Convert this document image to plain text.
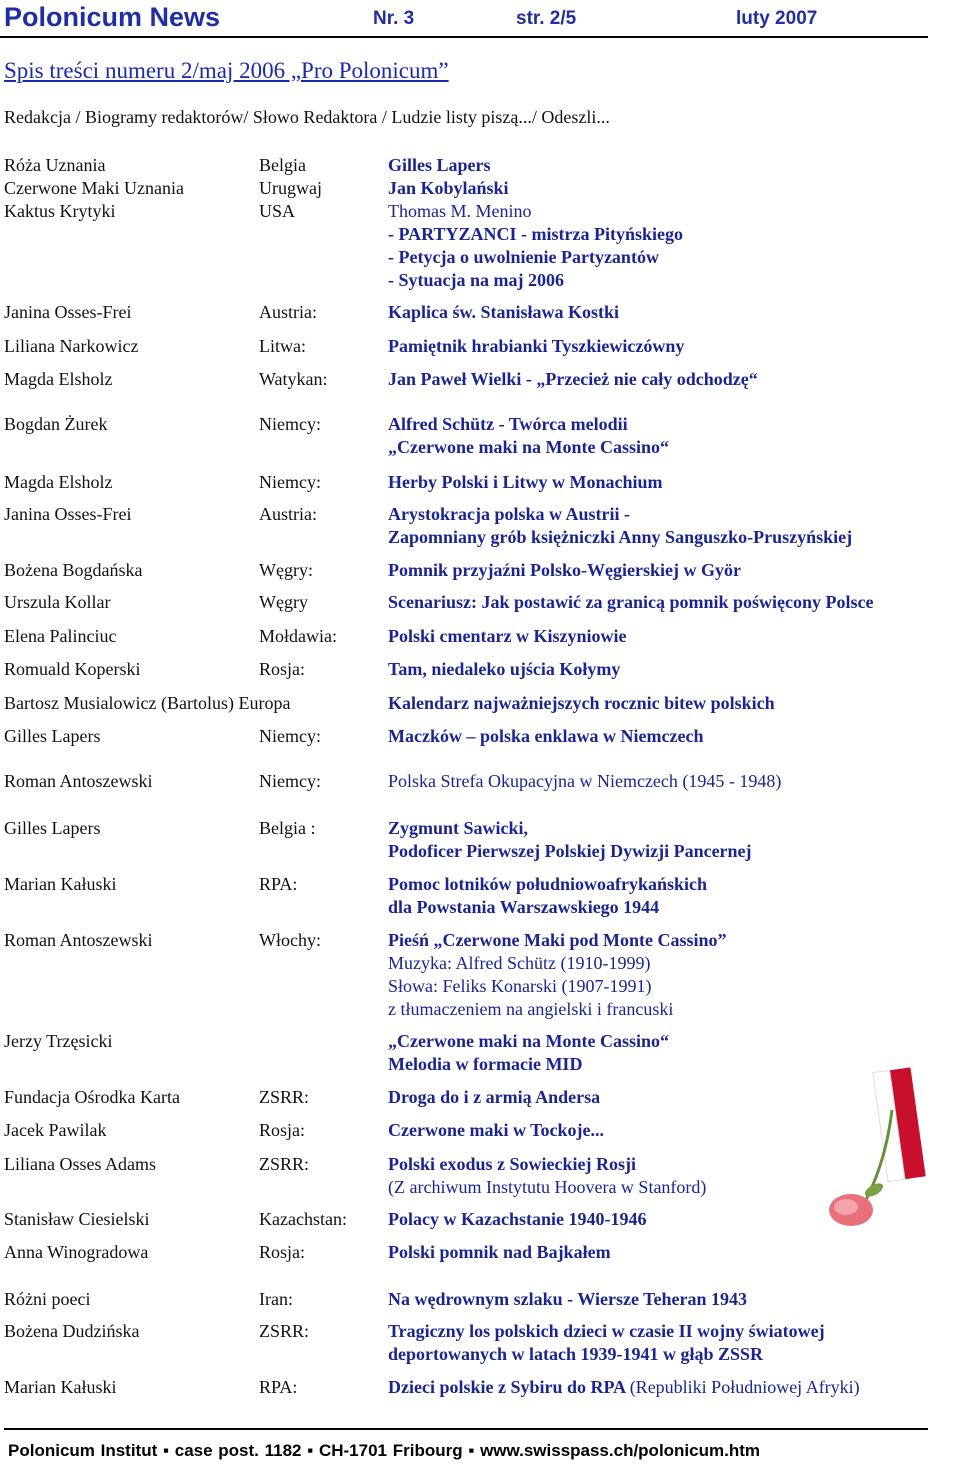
Polonicum News	Nr. 3	str. 2/5	luty 2007
Spis treści numeru 2/maj 2006 „Pro Polonicum”
Redakcja / Biogramy redaktorów/ Słowo Redaktora / Ludzie listy piszą.../ Odeszli...
Róża Uznania	Belgia	Gilles Lapers
Czerwone Maki Uznania	Urugwaj	Jan Kobylański
Kaktus Krytyki	USA	Thomas M. Menino
- PARTYZANCI - mistrza Pityńskiego
- Petycja o uwolnienie Partyzantów
- Sytuacja na maj 2006
Janina Osses-Frei	Austria:	Kaplica św. Stanisława Kostki
Liliana Narkowicz	Litwa:	Pamiętnik hrabianki Tyszkiewiczówny
Magda Elsholz	Watykan:	Jan Paweł Wielki - „Przecież nie cały odchodzę“
Bogdan Żurek	Niemcy:	Alfred Schütz - Twórca melodii
„Czerwone maki na Monte Cassino“
Magda Elsholz	Niemcy:	Herby Polski i Litwy w Monachium
Janina Osses-Frei	Austria:	Arystokracja polska w Austrii -
Zapomniany grób księżniczki Anny Sanguszko-Pruszyńskiej
Bożena Bogdańska	Węgry:	Pomnik przyjaźni Polsko-Węgierskiej w Györ
Urszula Kollar	Węgry	Scenariusz: Jak postawić za granicą pomnik poświęcony Polsce
Elena Palinciuc	Mołdawia:	Polski cmentarz w Kiszyniowie
Romuald Koperski	Rosja:	Tam, niedaleko ujścia Kołymy
Bartosz Musialowicz (Bartolus) Europa	Kalendarz najważniejszych rocznic bitew polskich
Gilles Lapers	Niemcy:	Maczków – polska enklawa w Niemczech
Roman Antoszewski	Niemcy:	Polska Strefa Okupacyjna w Niemczech (1945 - 1948)
Gilles Lapers	Belgia :	Zygmunt Sawicki,
Podoficer Pierwszej Polskiej Dywizji Pancernej
Marian Kałuski	RPA:	Pomoc lotników południowoafrykańskich
dla Powstania Warszawskiego 1944
Roman Antoszewski	Włochy:	Pieśń „Czerwone Maki pod Monte Cassino”
Muzyka: Alfred Schütz (1910-1999)
Słowa: Feliks Konarski (1907-1991)
z tłumaczeniem na angielski i francuski
Jerzy Trzęsicki	„Czerwone maki na Monte Cassino“
Melodia w formacie MID
Fundacja Ośrodka Karta	ZSRR:	Droga do i z armią Andersa
Jacek Pawilak	Rosja:	Czerwone maki w Tockoje...
Liliana Osses Adams	ZSRR:	Polski exodus z Sowieckiej Rosji
(Z archiwum Instytutu Hoovera w Stanford)
Stanisław Ciesielski	Kazachstan: Polacy w Kazachstanie 1940-1946
Anna Winogradowa	Rosja:	Polski pomnik nad Bajkałem
Różni poeci	Iran:	Na wędrownym szlaku - Wiersze Teheran 1943
Bożena Dudzińska	ZSRR:	Tragiczny los polskich dzieci w czasie II wojny światowej
deportowanych w latach 1939-1941 w głąb ZSSR
Marian Kałuski	RPA:	Dzieci polskie z Sybiru do RPA (Republiki Południowej Afryki)
Polonicum Institut ▪ case post. 1182 ▪ CH-1701 Fribourg ▪ www.swisspass.ch/polonicum.htm
